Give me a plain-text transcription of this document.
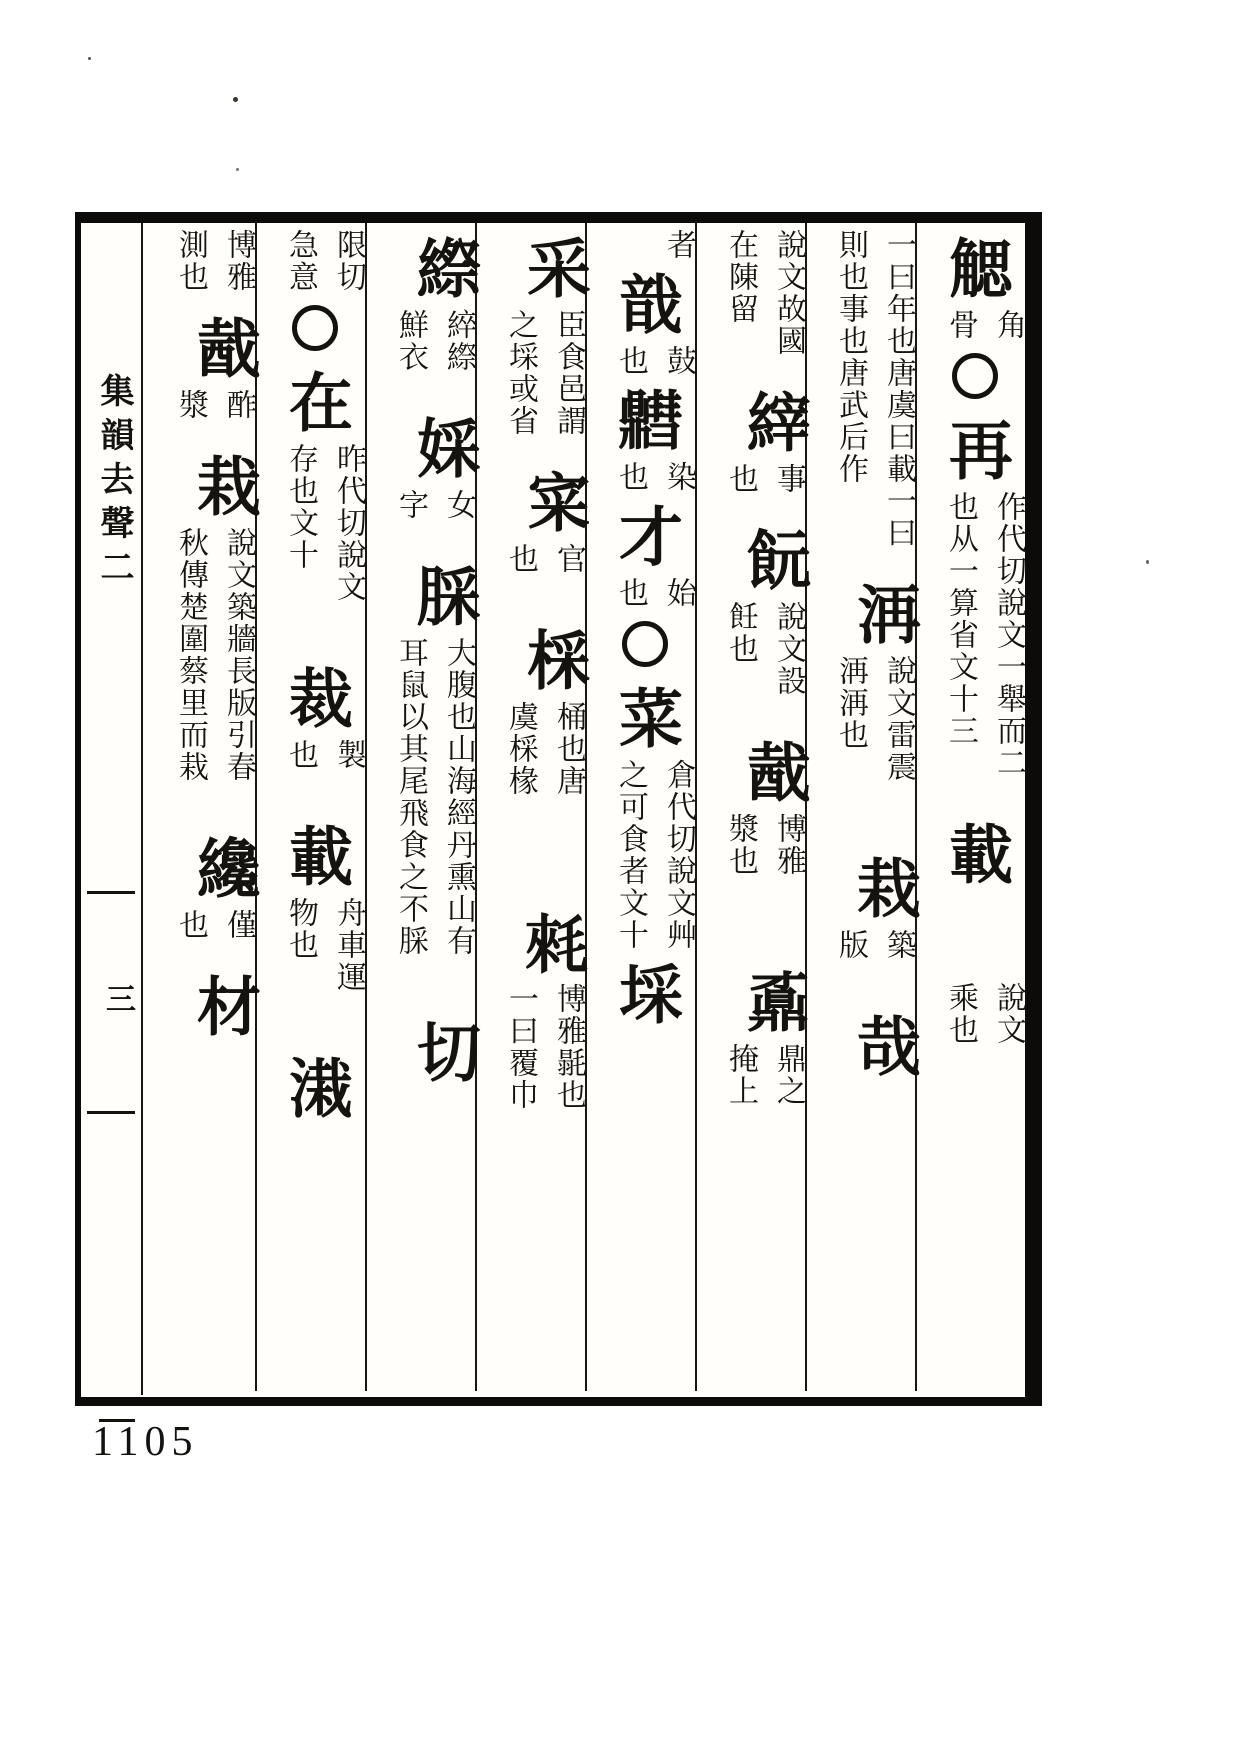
䚡
角
骨
再
作代切說文一舉而二
也从一算省文十三
載𡕀
說文
乘也
一曰年也唐虞曰載一曰
則也事也唐武后作𡕀
洅
說文雷震
洅洅也
栽
築
版
哉
說文故國
在陳留
縡
事
也
䬧
說文設
飪也
酨
博雅
漿也
鼒
鼎之
掩上
者
戠
鼔
也
䵻
染
也
才
始
也
菜
倉代切說文艸
之可食者文十
埰采
臣食邑謂
之埰或省
寀
官
也
棌
桶也唐
虞棌椽
𣮉
博雅毾也
一曰覆巾
縩
綷縩
鮮衣
婇
女
字
䐆
大腹也山海經丹熏山有
耳鼠以其尾飛食之不䐆
切
限切
急意
在
昨代切說文
存也文十
裁
製
也
載
舟車運
物也
溨
博雅
測也
酨
酢
漿
栽
說文築牆長版引春
秋傳楚圍蔡里而栽
纔
僅
也
材
集韻去聲二
三
1105
